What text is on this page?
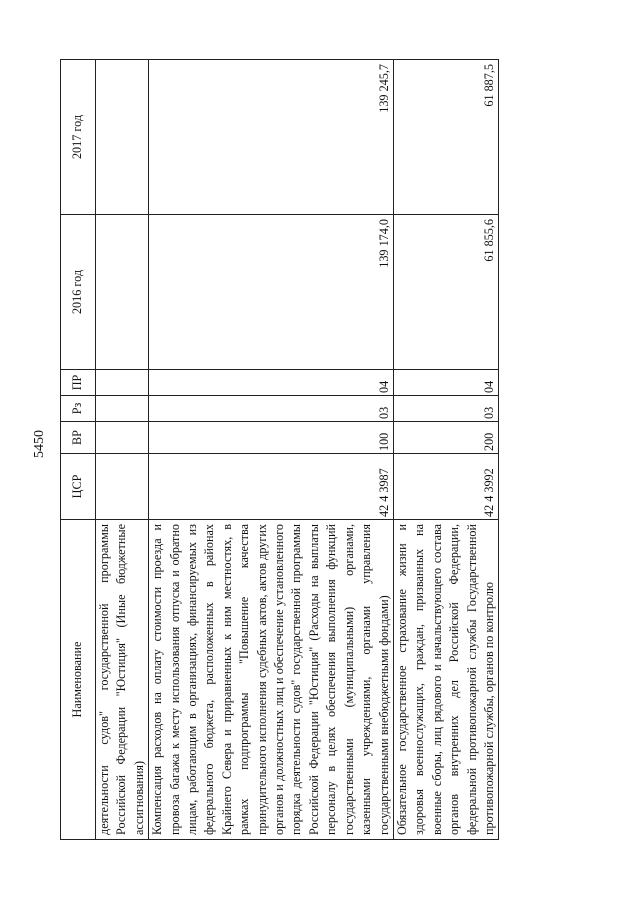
5450
Наименование	ЦСР	ВР	Рз	ПР	2016 год	2017 год
деятельности судов" государственной программы Российской Федерации "Юстиция" (Иные бюджетные ассигнования)						
Компенсация расходов на оплату стоимости проезда и провоза багажа к месту использования отпуска и обратно лицам, работающим в организациях, финансируемых из федерального бюджета, расположенных в районах Крайнего Севера и приравненных к ним местностях, в рамках подпрограммы "Повышение качества принудительного исполнения судебных актов, актов других органов и должностных лиц и обеспечение установленного порядка деятельности судов" государственной программы Российской Федерации "Юстиция" (Расходы на выплаты персоналу в целях обеспечения выполнения функций государственными (муниципальными) органами, казенными учреждениями, органами управления государственными внебюджетными фондами)	42 4 3987	100	03	04	139 174,0	139 245,7
Обязательное государственное страхование жизни и здоровья военнослужащих, граждан, призванных на военные сборы, лиц рядового и начальствующего состава органов внутренних дел Российской Федерации, федеральной противопожарной службы Государственной противопожарной службы, органов по контролю	42 4 3992	200	03	04	61 855,6	61 887,5
